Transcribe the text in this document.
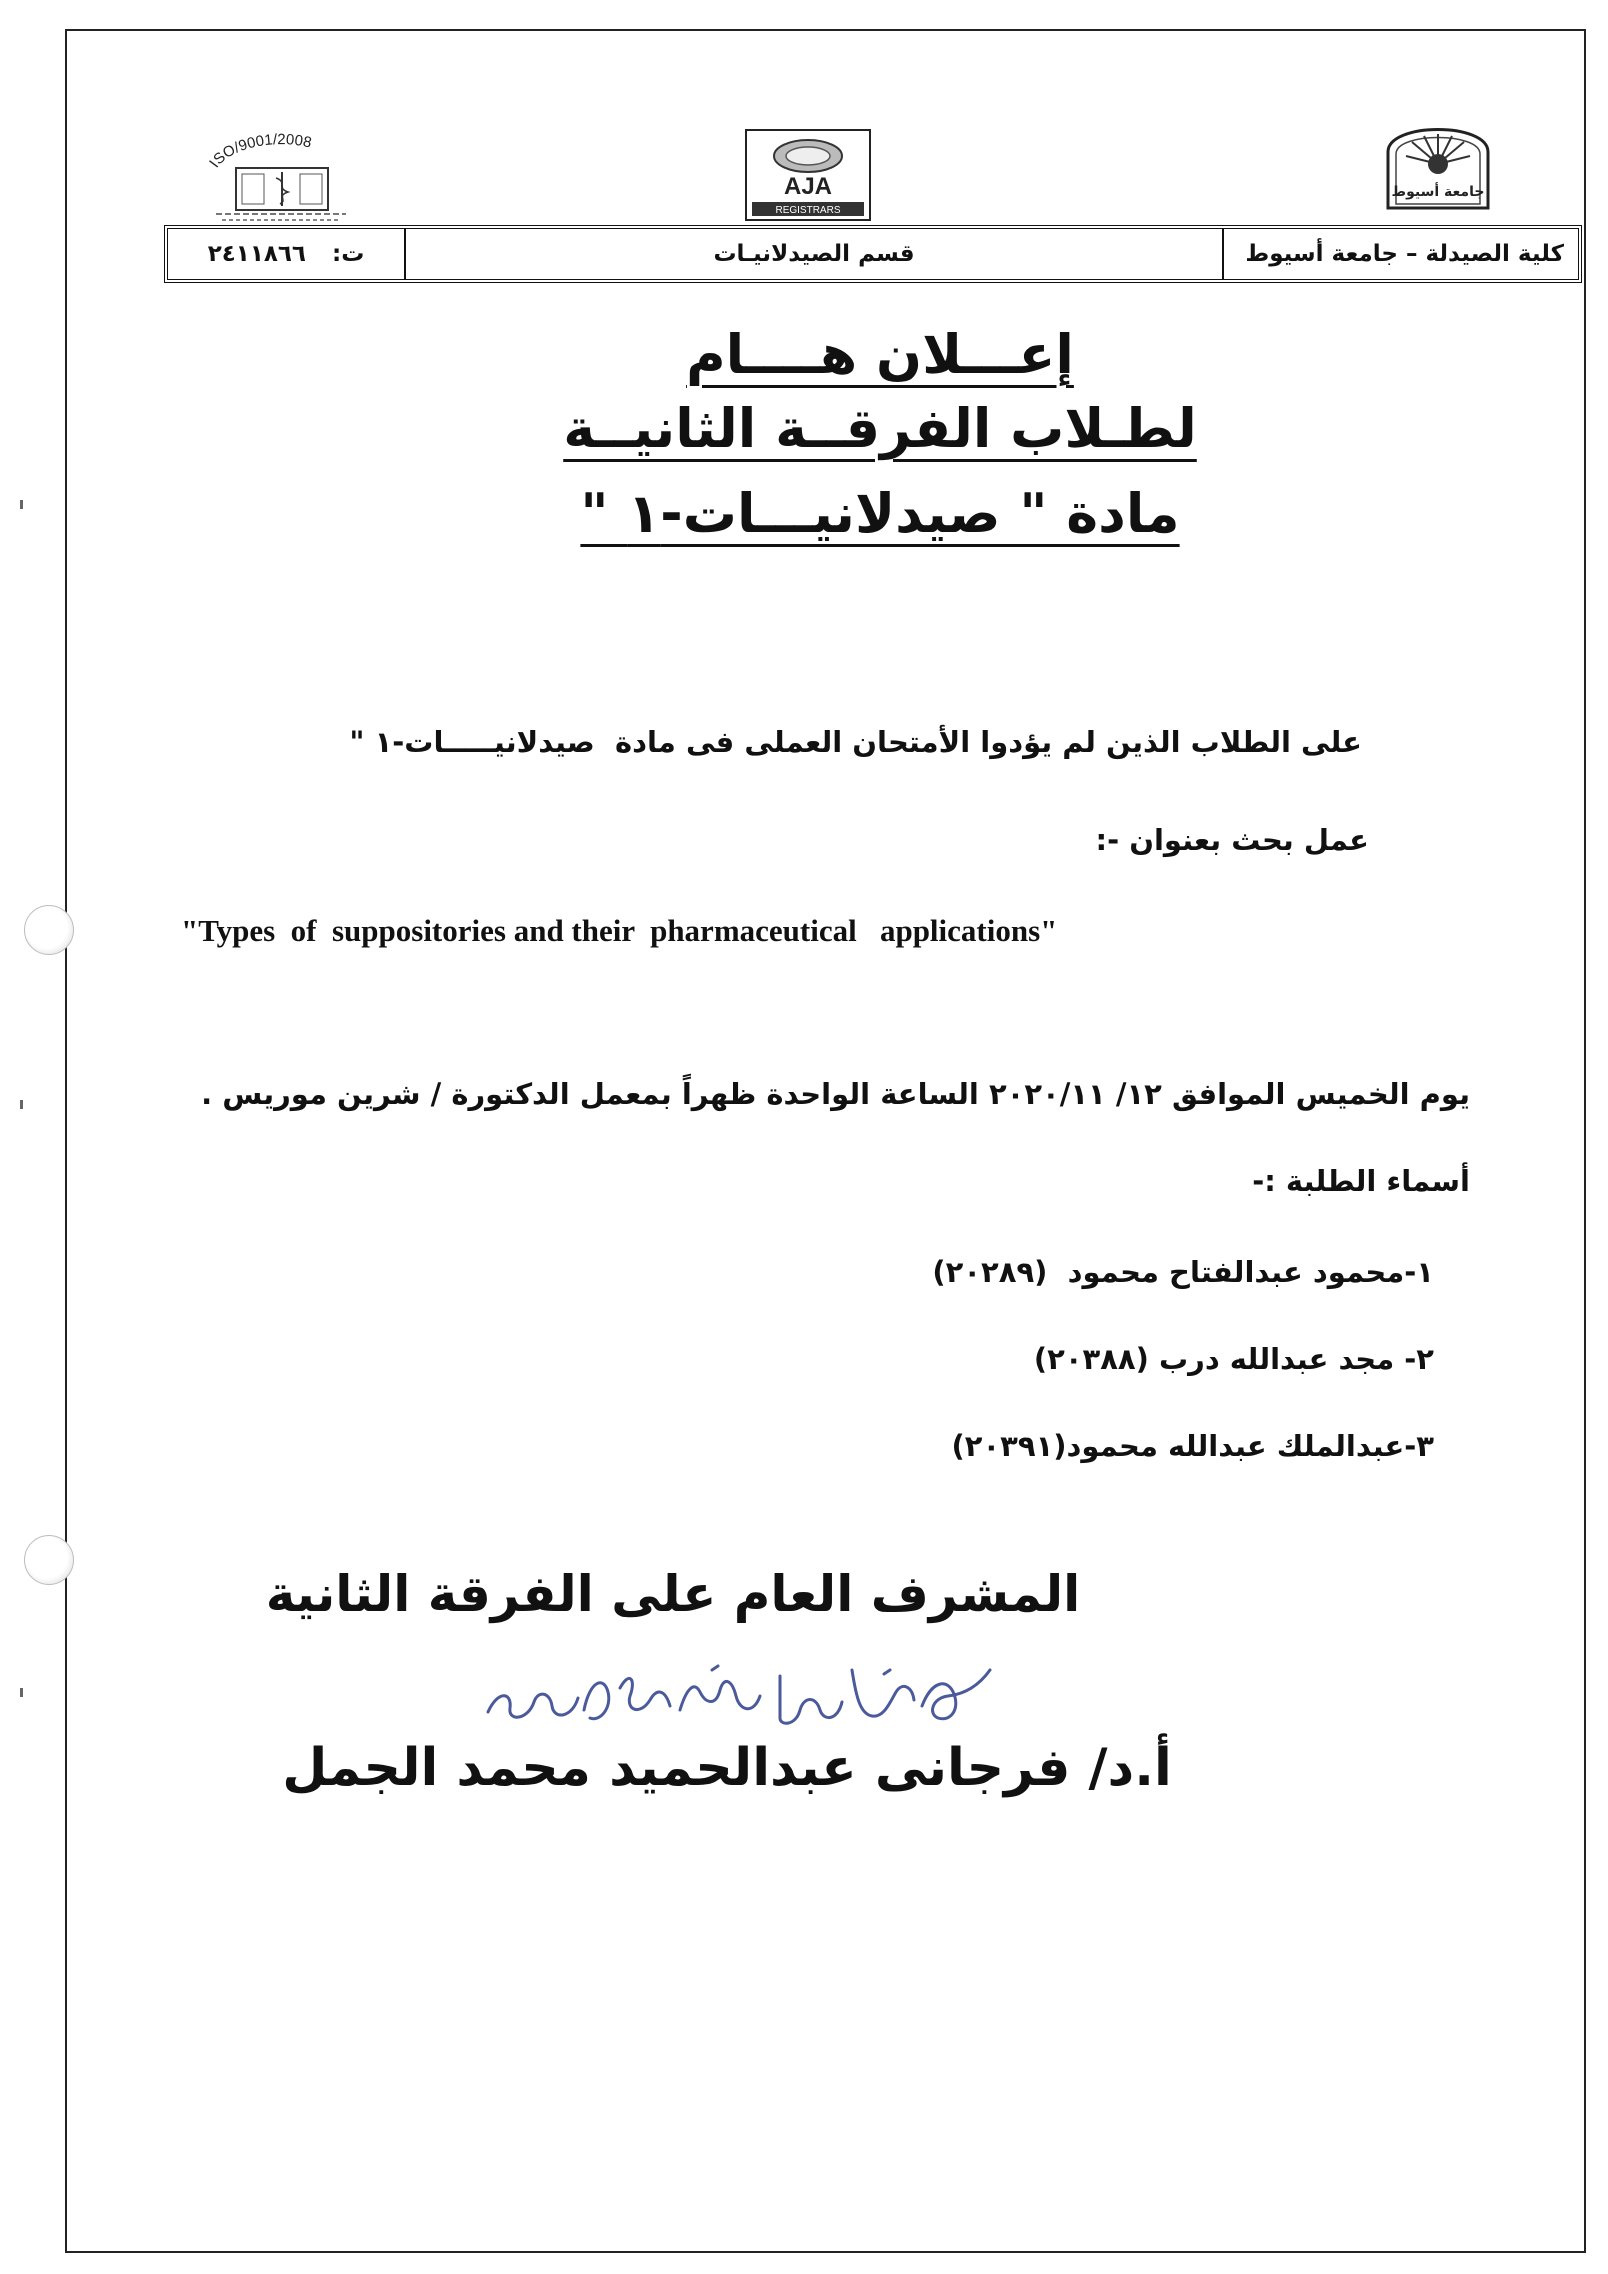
ISO/9001/2008
AJA
REGISTRARS
جامعة أسيوط
كلية الصيدلة – جامعة أسيوط
قسم الصيدلانيـات
ت: ٢٤١١٨٦٦
إعـــلان هــــام
لطـلاب الفرقــة الثانيــة
مادة " صيدلانيـــات-١ "
على الطلاب الذين لم يؤدوا الأمتحان العملى فى مادة  صيدلانيـــــات-١ "
عمل بحث بعنوان -:
"Types  of  suppositories and their  pharmaceutical   applications"
يوم الخميس الموافق ١٢/ ٢٠٢٠/١١ الساعة الواحدة ظهراً بمعمل الدكتورة / شرين موريس .
أسماء الطلبة :-
١-محمود عبدالفتاح محمود  (٢٠٢٨٩)
٢- مجد عبدالله درب (٢٠٣٨٨)
٣-عبدالملك عبدالله محمود(٢٠٣٩١)
المشرف العام على الفرقة الثانية
أ.د/ فرجانى عبدالحميد محمد الجمل
